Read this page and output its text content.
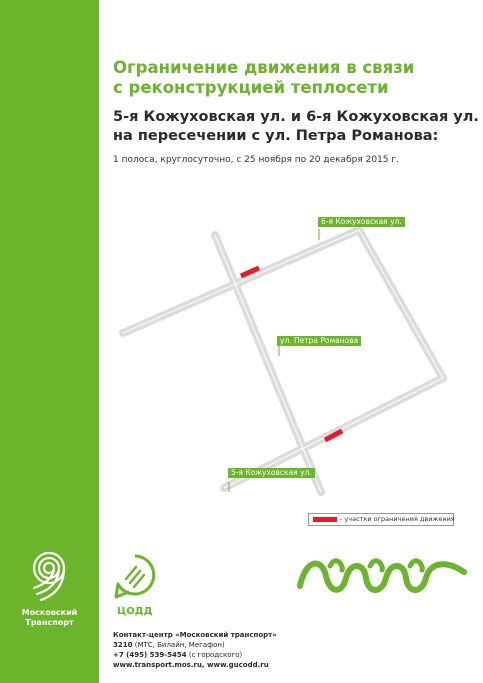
Московский
Транспорт
Ограничение движения в связи
с реконструкцией теплосети
5-я Кожуховская ул. и 6-я Кожуховская ул.
на пересечении с ул. Петра Романова:
1 полоса, круглосуточно, с 25 ноября по 20 декабря 2015 г.
6-я Кожуховская ул.
ул. Петра Романова
5-я Кожуховская ул.
- участки ограничения движения
ЦОДД
Контакт-центр «Московский транспорт»
3210 (МТС, Билайн, Мегафон)
+7 (495) 539-5454 (с городского)
www.transport.mos.ru, www.gucodd.ru
